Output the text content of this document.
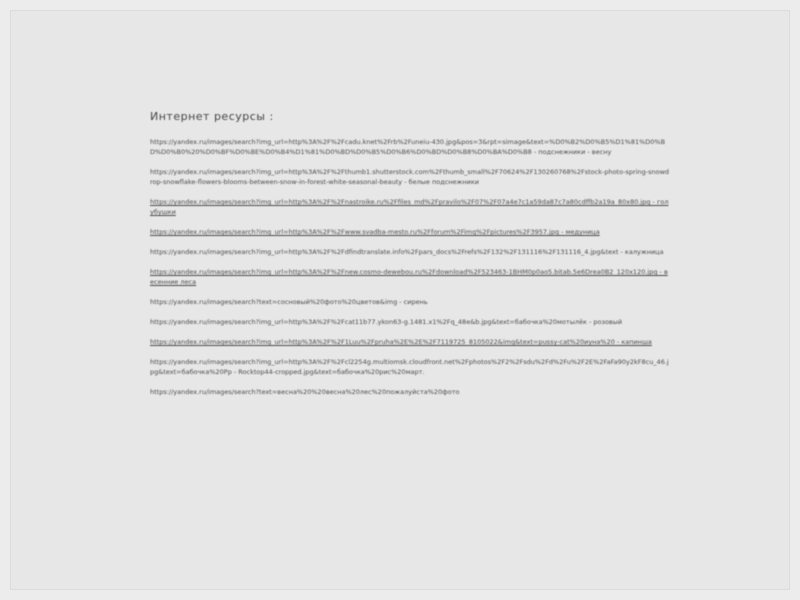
Интернет ресурсы :
https://yandex.ru/images/search?img_url=http%3A%2F%2Fcadu.knet%2Frb%2Funeiu-430.jpg&pos=3&rpt=simage&text=%D0%B2%D0%B5%D1%81%D0%BD%D0%B0%20%D0%BF%D0%BE%D0%B4%D1%81%D0%BD%D0%B5%D0%B6%D0%BD%D0%B8%D0%BA%D0%B8 - подснежники - весну
https://yandex.ru/images/search?img_url=http%3A%2F%2Fthumb1.shutterstock.com%2Fthumb_small%2F70624%2F130260768%2Fstock-photo-spring-snowdrop-snowflake-flowers-blooms-between-snow-in-forest-white-seasonal-beauty - белые подснежники
https://yandex.ru/images/search?img_url=http%3A%2F%2Fnastroike.ru%2Ffiles_md%2Fpravilo%2F07%2F07a4e7c1a59da87c7a80cdffb2a19a_80x80.jpg - голубушки
https://yandex.ru/images/search?img_url=http%3A%2F%2Fwww.svadba-mesto.ru%2Fforum%2Fimg%2Fpictures%2F3957.jpg - медуница
https://yandex.ru/images/search?img_url=http%3A%2F%2Fdfindtranslate.info%2Fpars_docs%2Frefs%2F132%2F131116%2F131116_4.jpg&text - калужница
https://yandex.ru/images/search?img_url=http%3A%2F%2Fnew.cosmo-dewebou.ru%2Fdownload%2F523463-1BHM0p0ao5.bitab.5e6Drea0B2_120x120.jpg - весенние леса
https://yandex.ru/images/search?text=сосновый%20фото%20цветов&img - сирень
https://yandex.ru/images/search?img_url=http%3A%2F%2Fcat11b77.ykon63-g.1481.x1%2Fq_48e&b.jpg&text=бабочка%20мотылёк - розовый
https://yandex.ru/images/search?img_url=http%3A%2F%2F1Luu%2Fpruha%2E%2E%2F7119725_8105022&img&text=pussy-cat%20иуна%20 - капинша
https://yandex.ru/images/search?img_url=http%3A%2F%2Fcl2254g.multiomsk.cloudfront.net%2Fphotos%2F2%2Fsdu%2Fd%2Fu%2F2E%2FaFa90y2kF8cu_46.jpg&text=бабочка%20Рр - Rocktop44-cropped.jpg&text=бабочка%20рис%20март.
https://yandex.ru/images/search?text=весна%20%20весна%20лес%20пожалуйста%20фото
